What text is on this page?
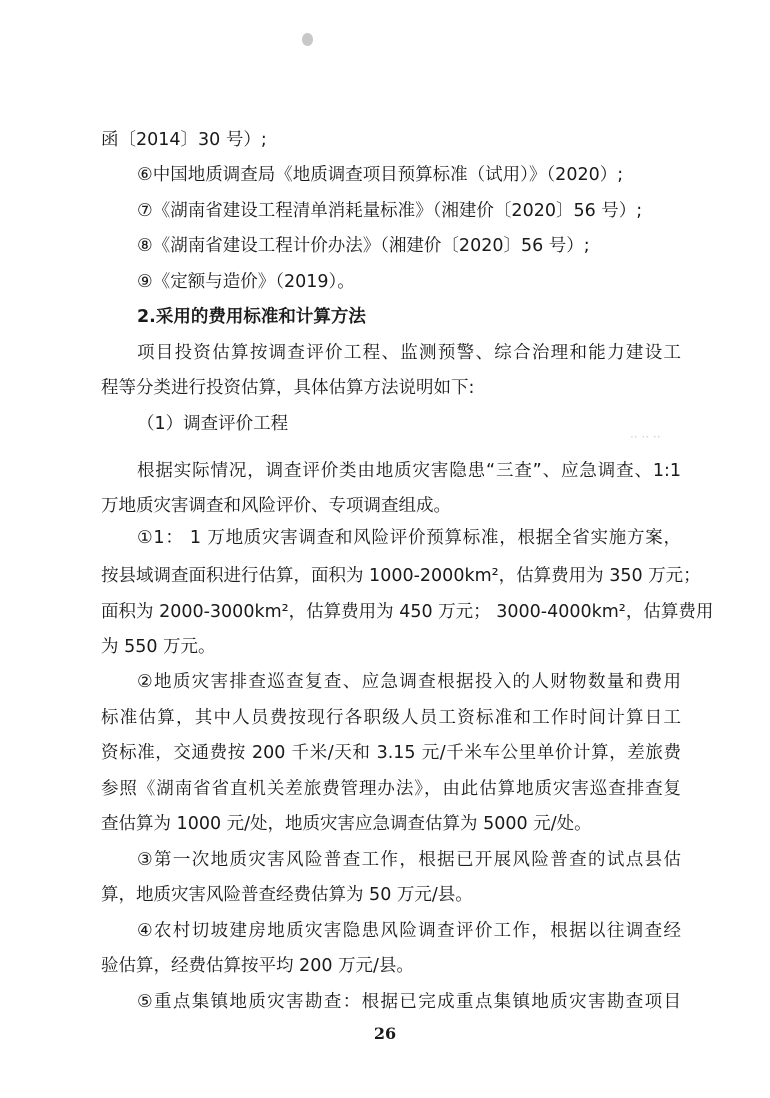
函〔2014〕30 号）;
⑥中国地质调查局《地质调查项目预算标准（试用）》（2020）;
⑦《湖南省建设工程清单消耗量标准》（湘建价〔2020〕56 号）;
⑧《湖南省建设工程计价办法》（湘建价〔2020〕56 号）;
⑨《定额与造价》（2019）。
2.采用的费用标准和计算方法
项目投资估算按调查评价工程、监测预警、综合治理和能力建设工
程等分类进行投资估算，具体估算方法说明如下:
（1）调查评价工程
·· ·· ··
根据实际情况，调查评价类由地质灾害隐患“三查”、应急调查、1:1
万地质灾害调查和风险评价、专项调查组成。
①1： 1 万地质灾害调查和风险评价预算标准，根据全省实施方案，
按县域调查面积进行估算，面积为 1000-2000km²，估算费用为 350 万元；
面积为 2000-3000km²，估算费用为 450 万元； 3000-4000km²，估算费用
为 550 万元。
②地质灾害排查巡查复查、应急调查根据投入的人财物数量和费用
标准估算，其中人员费按现行各职级人员工资标准和工作时间计算日工
资标准，交通费按 200 千米/天和 3.15 元/千米车公里单价计算，差旅费
参照《湖南省省直机关差旅费管理办法》，由此估算地质灾害巡查排查复
查估算为 1000 元/处，地质灾害应急调查估算为 5000 元/处。
③第一次地质灾害风险普查工作，根据已开展风险普查的试点县估
算，地质灾害风险普查经费估算为 50 万元/县。
④农村切坡建房地质灾害隐患风险调查评价工作，根据以往调查经
验估算，经费估算按平均 200 万元/县。
⑤重点集镇地质灾害勘查：根据已完成重点集镇地质灾害勘查项目
26
